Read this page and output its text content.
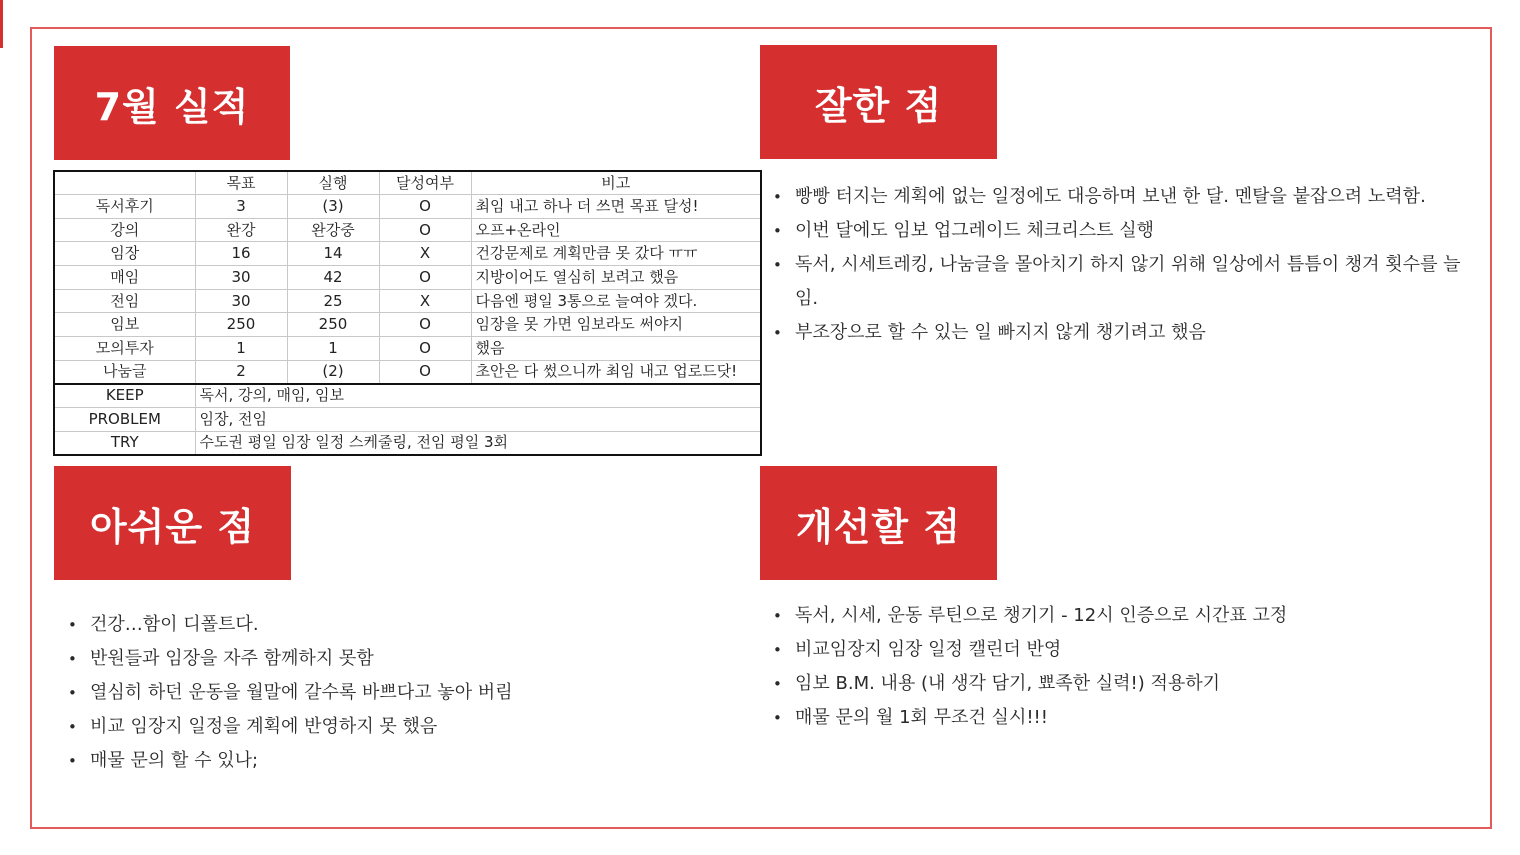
7월 실적	잘한 점
아쉬운 점	개선할 점
	목표	실행	달성여부	비고
독서후기	3	(3)	O	최임 내고 하나 더 쓰면 목표 달성!
강의	완강	완강중	O	오프+온라인
임장	16	14	X	건강문제로 계획만큼 못 갔다 ㅠㅠ
매임	30	42	O	지방이어도 열심히 보려고 했음
전임	30	25	X	다음엔 평일 3통으로 늘여야 겠다.
임보	250	250	O	임장을 못 가면 임보라도 써야지
모의투자	1	1	O	했음
나눔글	2	(2)	O	초안은 다 썼으니까 최임 내고 업로드닷!
KEEP	독서, 강의, 매임, 임보			
PROBLEM	임장, 전임			
TRY	수도권 평일 임장 일정 스케줄링, 전임 평일 3회			
• 빵빵 터지는 계획에 없는 일정에도 대응하며 보낸 한 달. 멘탈을 붙잡으려 노력함.
• 이번 달에도 임보 업그레이드 체크리스트 실행
• 독서, 시세트레킹, 나눔글을 몰아치기 하지 않기 위해 일상에서 틈틈이 챙겨 횟수를 늘임.
• 부조장으로 할 수 있는 일 빠지지 않게 챙기려고 했음
• 건강…함이 디폴트다.
• 반원들과 임장을 자주 함께하지 못함
• 열심히 하던 운동을 월말에 갈수록 바쁘다고 놓아 버림
• 비교 임장지 일정을 계획에 반영하지 못 했음
• 매물 문의 할 수 있나;
• 독서, 시세, 운동 루틴으로 챙기기 - 12시 인증으로 시간표 고정
• 비교임장지 임장 일정 캘린더 반영
• 임보 B.M. 내용 (내 생각 담기, 뾰족한 실력!) 적용하기
• 매물 문의 월 1회 무조건 실시!!!
